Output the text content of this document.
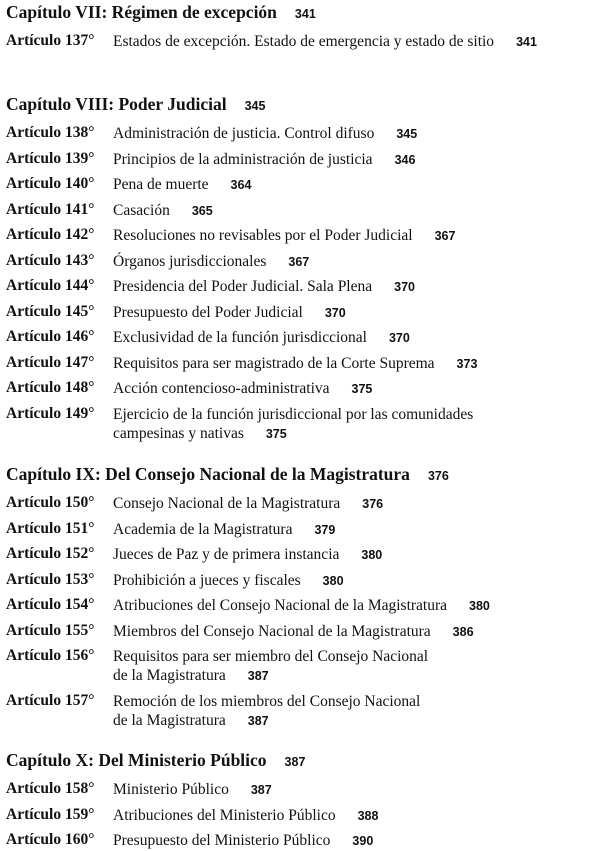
Capítulo VII: Régimen de excepción 341
Artículo 137° Estados de excepción. Estado de emergencia y estado de sitio 341
Capítulo VIII: Poder Judicial 345
Artículo 138° Administración de justicia. Control difuso 345
Artículo 139° Principios de la administración de justicia 346
Artículo 140° Pena de muerte 364
Artículo 141° Casación 365
Artículo 142° Resoluciones no revisables por el Poder Judicial 367
Artículo 143° Órganos jurisdiccionales 367
Artículo 144° Presidencia del Poder Judicial. Sala Plena 370
Artículo 145° Presupuesto del Poder Judicial 370
Artículo 146° Exclusividad de la función jurisdiccional 370
Artículo 147° Requisitos para ser magistrado de la Corte Suprema 373
Artículo 148° Acción contencioso-administrativa 375
Artículo 149° Ejercicio de la función jurisdiccional por las comunidades
campesinas y nativas 375
Capítulo IX: Del Consejo Nacional de la Magistratura 376
Artículo 150° Consejo Nacional de la Magistratura 376
Artículo 151° Academia de la Magistratura 379
Artículo 152° Jueces de Paz y de primera instancia 380
Artículo 153° Prohibición a jueces y fiscales 380
Artículo 154° Atribuciones del Consejo Nacional de la Magistratura 380
Artículo 155° Miembros del Consejo Nacional de la Magistratura 386
Artículo 156° Requisitos para ser miembro del Consejo Nacional
de la Magistratura 387
Artículo 157° Remoción de los miembros del Consejo Nacional
de la Magistratura 387
Capítulo X: Del Ministerio Público 387
Artículo 158° Ministerio Público 387
Artículo 159° Atribuciones del Ministerio Público 388
Artículo 160° Presupuesto del Ministerio Público 390
